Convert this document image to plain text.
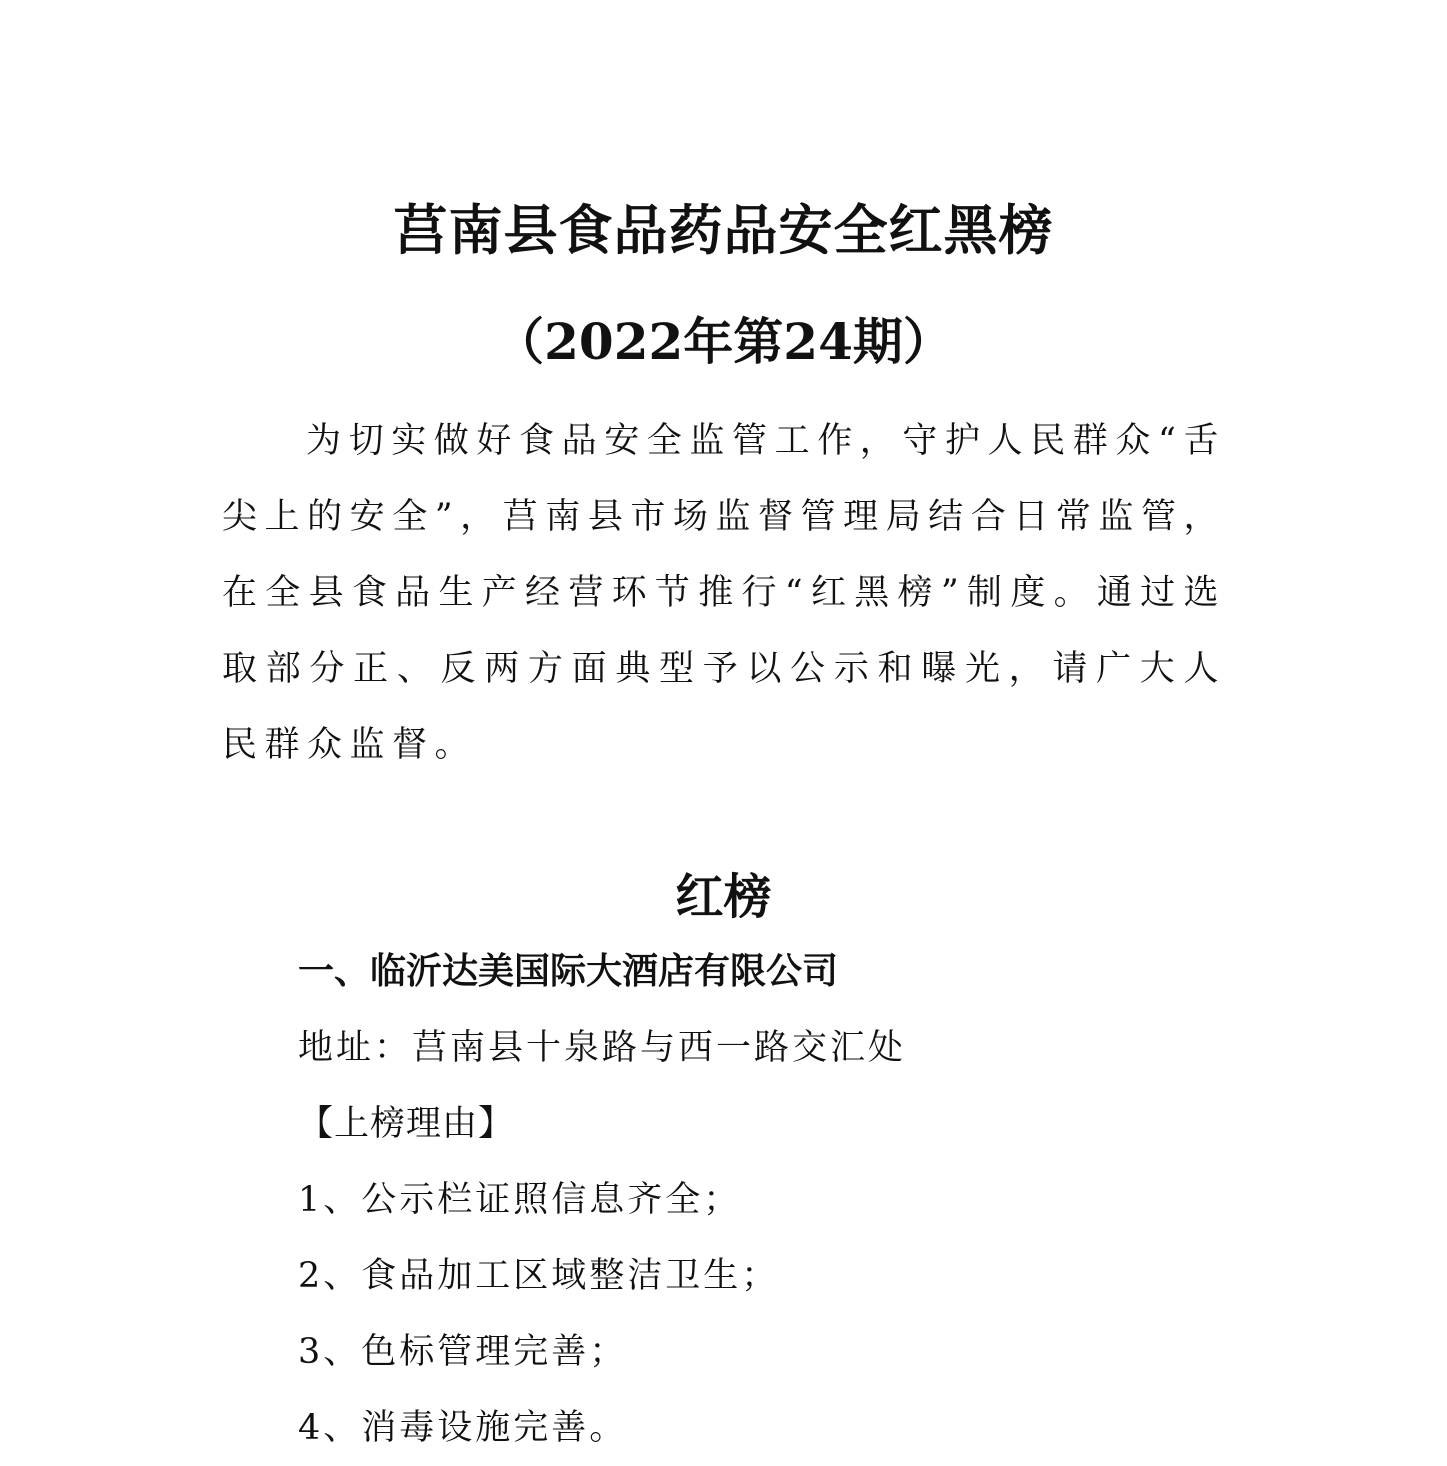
莒南县食品药品安全红黑榜
（2022年第24期）

为切实做好食品安全监管工作，守护人民群众“舌尖上的安全”，莒南县市场监督管理局结合日常监管，在全县食品生产经营环节推行“红黑榜”制度。通过选取部分正、反两方面典型予以公示和曝光，请广大人民群众监督。

红榜

一、临沂达美国际大酒店有限公司

地址：莒南县十泉路与西一路交汇处

【上榜理由】

1、公示栏证照信息齐全；

2、食品加工区域整洁卫生；

3、色标管理完善；

4、消毒设施完善。
